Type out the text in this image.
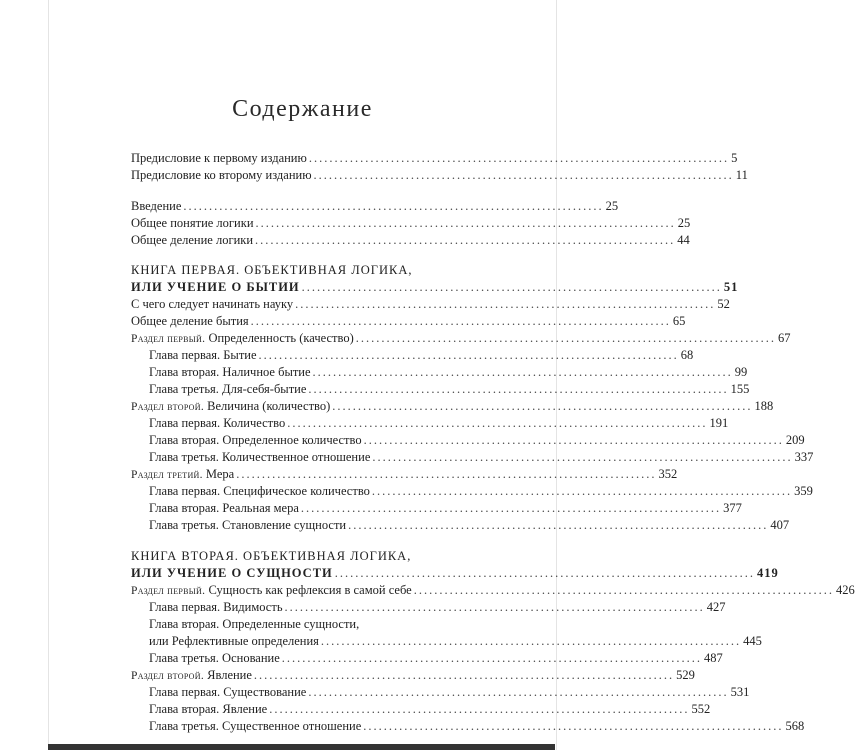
Содержание
Предисловие к первому изданию .................................................................................. 5
Предисловие ко второму изданию .................................................................................. 11
Введение .................................................................................. 25
Общее понятие логики .................................................................................. 25
Общее деление логики .................................................................................. 44
КНИГА ПЕРВАЯ. ОБЪЕКТИВНАЯ ЛОГИКА,
ИЛИ УЧЕНИЕ О БЫТИИ .................................................................................. 51
С чего следует начинать науку .................................................................................. 52
Общее деление бытия .................................................................................. 65
Раздел первый. Определенность (качество) .................................................................................. 67
Глава первая. Бытие .................................................................................. 68
Глава вторая. Наличное бытие .................................................................................. 99
Глава третья. Для-себя-бытие .................................................................................. 155
Раздел второй. Величина (количество) .................................................................................. 188
Глава первая. Количество .................................................................................. 191
Глава вторая. Определенное количество .................................................................................. 209
Глава третья. Количественное отношение .................................................................................. 337
Раздел третий. Мера .................................................................................. 352
Глава первая. Специфическое количество .................................................................................. 359
Глава вторая. Реальная мера .................................................................................. 377
Глава третья. Становление сущности .................................................................................. 407
КНИГА ВТОРАЯ. ОБЪЕКТИВНАЯ ЛОГИКА,
ИЛИ УЧЕНИЕ О СУЩНОСТИ .................................................................................. 419
Раздел первый. Сущность как рефлексия в самой себе .................................................................................. 426
Глава первая. Видимость .................................................................................. 427
Глава вторая. Определенные сущности,
или Рефлективные определения .................................................................................. 445
Глава третья. Основание .................................................................................. 487
Раздел второй. Явление .................................................................................. 529
Глава первая. Существование .................................................................................. 531
Глава вторая. Явление .................................................................................. 552
Глава третья. Существенное отношение .................................................................................. 568
